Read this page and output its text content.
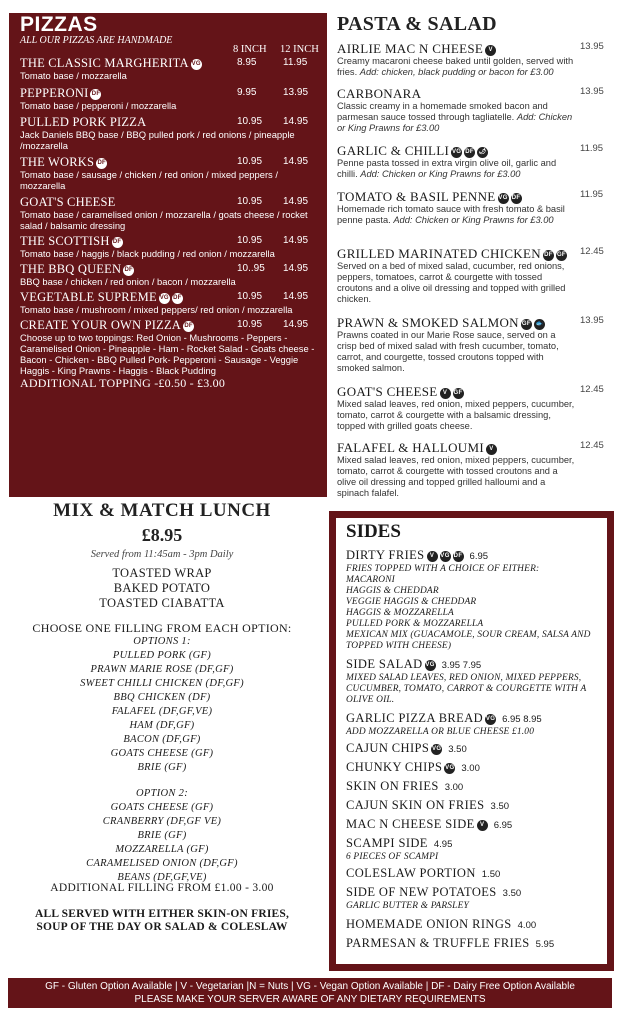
PIZZAS
ALL OUR PIZZAS ARE HANDMADE
8 INCH 12 INCH
THE CLASSIC MARGHERITA VG
Tomato base / mozzarella
8.95	11.95
PEPPERONI DF
Tomato base / pepperoni / mozzarella
9.95	13.95
PULLED PORK PIZZA
Jack Daniels BBQ base / BBQ pulled pork / red onions / pineapple /mozzarella
10.95 14.95
THE WORKS DF
Tomato base / sausage / chicken / red onion / mixed peppers / mozzarella
10.95 14.95
GOAT'S CHEESE
Tomato base / caramelised onion / mozzarella / goats cheese / rocket salad / balsamic dressing
10.95 14.95
THE SCOTTISH DF
Tomato base / haggis / black pudding / red onion / mozzarella
10.95 14.95
THE BBQ QUEEN DF
BBQ base / chicken / red onion / bacon / mozzarella
10..95 14.95
VEGETABLE SUPREME VG DF
Tomato base / mushroom / mixed peppers/ red onion / mozzarella
10.95 14.95
CREATE YOUR OWN PIZZA DF
Choose up to two toppings: Red Onion - Mushrooms - Peppers - Caramelised Onion - Pineapple - Ham - Rocket Salad - Goats cheese - Bacon - Chicken - BBQ Pulled Pork- Pepperoni - Sausage - Veggie Haggis - King Prawns - Haggis - Black Pudding
ADDITIONAL TOPPING -£0.50 - £3.00
10.95 14.95
PASTA & SALAD
AIRLIE MAC N CHEESE V
Creamy macaroni cheese baked until golden, served with fries. Add: chicken, black pudding or bacon for £3.00
13.95
CARBONARA
Classic creamy in a homemade smoked bacon and parmesan sauce tossed through tagliatelle. Add: Chicken or King Prawns for £3.00
13.95
GARLIC & CHILLI VG DF 🌶
Penne pasta tossed in extra virgin olive oil, garlic and chilli. Add: Chicken or King Prawns for £3.00
11.95
TOMATO & BASIL PENNE VG DF
Homemade rich tomato sauce with fresh tomato & basil penne pasta. Add: Chicken or King Prawns for £3.00
11.95
GRILLED MARINATED CHICKEN DF GF
Served on a bed of mixed salad, cucumber, red onions, peppers, tomatoes, carrot & courgette with tossed croutons and a olive oil dressing and topped with grilled chicken.
12.45
PRAWN & SMOKED SALMON GF 🐟
Prawns coated in our Marie Rose sauce, served on a crisp bed of mixed salad with fresh cucumber, tomato, carrot, and courgette, tossed croutons topped with smoked salmon.
13.95
GOAT'S CHEESE V GF
Mixed salad leaves, red onion, mixed peppers, cucumber, tomato, carrot & courgette with a balsamic dressing, topped with grilled goats cheese.
12.45
FALAFEL & HALLOUMI V
Mixed salad leaves, red onion, mixed peppers, cucumber, tomato, carrot & courgette with tossed croutons and a olive oil dressing and topped grilled halloumi and a spinach falafel.
12.45
MIX & MATCH LUNCH
£8.95
Served from 11:45am - 3pm Daily
TOASTED WRAP
BAKED POTATO
TOASTED CIABATTA
CHOOSE ONE FILLING FROM EACH OPTION:
OPTIONS 1:
PULLED PORK (GF)
PRAWN MARIE ROSE (DF,GF)
SWEET CHILLI CHICKEN (DF,GF)
BBQ CHICKEN (DF)
FALAFEL (DF,GF,VE)
HAM (DF,GF)
BACON (DF,GF)
GOATS CHEESE (GF)
BRIE (GF)
OPTION 2:
GOATS CHEESE (GF)
CRANBERRY (DF,GF VE)
BRIE (GF)
MOZZARELLA (GF)
CARAMELISED ONION (DF,GF)
BEANS (DF,GF,VE)
ADDITIONAL FILLING FROM £1.00 - 3.00
ALL SERVED WITH EITHER SKIN-ON FRIES, SOUP OF THE DAY OR SALAD & COLESLAW
SIDES
DIRTY FRIES V VG DF 6.95
FRIES TOPPED WITH A CHOICE OF EITHER:
MACARONI
HAGGIS & CHEDDAR
VEGGIE HAGGIS & CHEDDAR
HAGGIS & MOZZARELLA
PULLED PORK & MOZZARELLA
MEXICAN MIX (GUACAMOLE, SOUR CREAM, SALSA AND TOPPED WITH CHEESE)
SIDE SALAD VG 3.95 7.95
MIXED SALAD LEAVES, RED ONION, MIXED PEPPERS, CUCUMBER, TOMATO, CARROT & COURGETTE WITH A OLIVE OIL.
GARLIC PIZZA BREAD VG 6.95 8.95
ADD MOZZARELLA OR BLUE CHEESE £1.00
CAJUN CHIPS VG 3.50
CHUNKY CHIPS VG 3.00
SKIN ON FRIES 3.00
CAJUN SKIN ON FRIES 3.50
MAC N CHEESE SIDE V 6.95
SCAMPI SIDE 4.95
6 PIECES OF SCAMPI
COLESLAW PORTION 1.50
SIDE OF NEW POTATOES 3.50
GARLIC BUTTER & PARSLEY
HOMEMADE ONION RINGS 4.00
PARMESAN & TRUFFLE FRIES 5.95
GF - Gluten Option Available | V - Vegetarian |N = Nuts | VG - Vegan Option Available | DF - Dairy Free Option Available
PLEASE MAKE YOUR SERVER AWARE OF ANY DIETARY REQUIREMENTS
